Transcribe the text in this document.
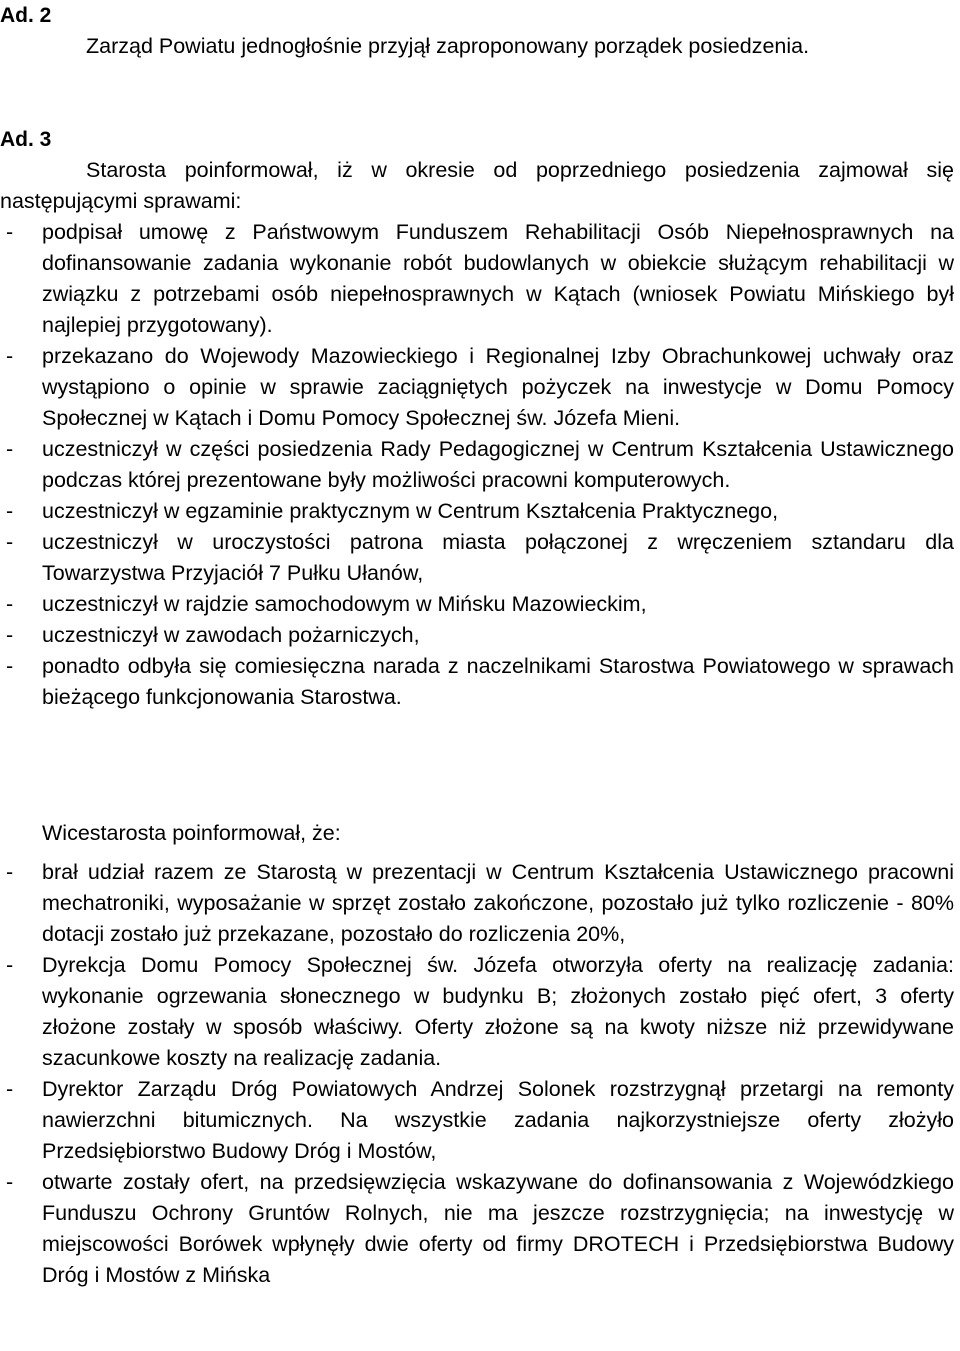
Ad. 2
Zarząd Powiatu jednogłośnie przyjął zaproponowany porządek posiedzenia.
Ad. 3
Starosta poinformował, iż w okresie od poprzedniego posiedzenia zajmował się następującymi sprawami:
- podpisał umowę z Państwowym Funduszem Rehabilitacji Osób Niepełnosprawnych na dofinansowanie zadania wykonanie robót budowlanych w obiekcie służącym rehabilitacji w związku z potrzebami osób niepełnosprawnych w Kątach (wniosek Powiatu Mińskiego był najlepiej przygotowany).
- przekazano do Wojewody Mazowieckiego i Regionalnej Izby Obrachunkowej uchwały oraz wystąpiono o opinie w sprawie zaciągniętych pożyczek na inwestycje w Domu Pomocy Społecznej w Kątach i Domu Pomocy Społecznej św. Józefa Mieni.
- uczestniczył w części posiedzenia Rady Pedagogicznej w Centrum Kształcenia Ustawicznego podczas której prezentowane były możliwości pracowni komputerowych.
- uczestniczył w egzaminie praktycznym w Centrum Kształcenia Praktycznego,
- uczestniczył w uroczystości patrona miasta połączonej z wręczeniem sztandaru dla Towarzystwa Przyjaciół 7 Pułku Ułanów,
- uczestniczył w rajdzie samochodowym w Mińsku Mazowieckim,
- uczestniczył w zawodach pożarniczych,
- ponadto odbyła się comiesięczna narada z naczelnikami Starostwa Powiatowego w sprawach bieżącego funkcjonowania Starostwa.
Wicestarosta poinformował, że:
- brał udział razem ze Starostą w prezentacji w Centrum Kształcenia Ustawicznego pracowni mechatroniki, wyposażanie w sprzęt zostało zakończone, pozostało już tylko rozliczenie - 80% dotacji zostało już przekazane, pozostało do rozliczenia 20%,
- Dyrekcja Domu Pomocy Społecznej św. Józefa otworzyła oferty na realizację zadania: wykonanie ogrzewania słonecznego w budynku B; złożonych zostało pięć ofert, 3 oferty złożone zostały w sposób właściwy. Oferty złożone są na kwoty niższe niż przewidywane szacunkowe koszty na realizację zadania.
- Dyrektor Zarządu Dróg Powiatowych Andrzej Solonek rozstrzygnął przetargi na remonty nawierzchni bitumicznych. Na wszystkie zadania najkorzystniejsze oferty złożyło Przedsiębiorstwo Budowy Dróg i Mostów,
- otwarte zostały ofert, na przedsięwzięcia wskazywane do dofinansowania z Wojewódzkiego Funduszu Ochrony Gruntów Rolnych, nie ma jeszcze rozstrzygnięcia; na inwestycję w miejscowości Borówek wpłynęły dwie oferty od firmy DROTECH i Przedsiębiorstwa Budowy Dróg i Mostów z Mińska
